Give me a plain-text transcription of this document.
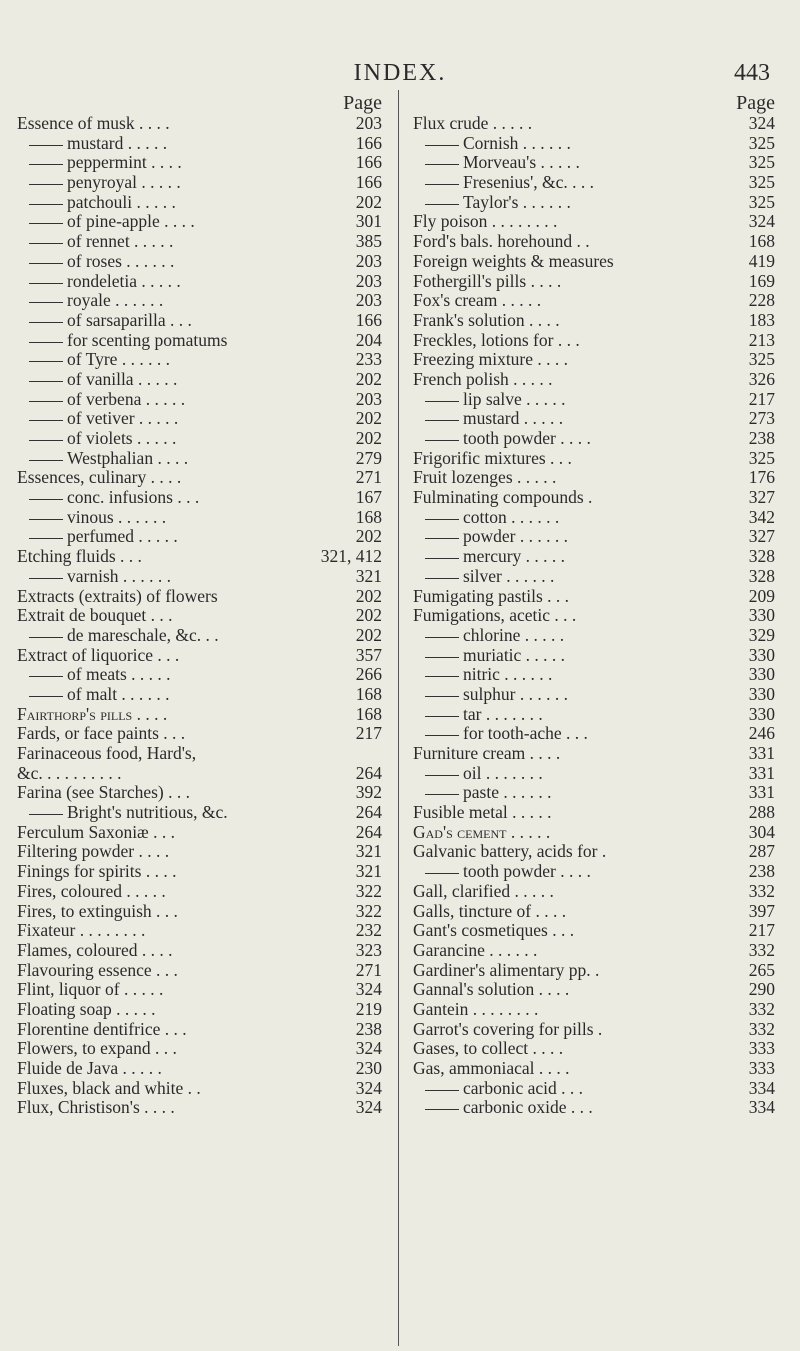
INDEX.	443
Page
Essence of musk . . . .	203
mustard . . . . .	166
peppermint . . . .	166
penyroyal . . . . .	166
patchouli . . . . .	202
of pine-apple . . . .	301
of rennet . . . . .	385
of roses . . . . . .	203
rondeletia . . . . .	203
royale . . . . . .	203
of sarsaparilla . . .	166
for scenting pomatums	204
of Tyre . . . . . .	233
of vanilla . . . . .	202
of verbena . . . . .	203
of vetiver . . . . .	202
of violets . . . . .	202
Westphalian . . . .	279
Essences, culinary . . . .	271
conc. infusions . . .	167
vinous . . . . . .	168
perfumed . . . . .	202
Etching fluids . . .	321, 412
varnish . . . . . .	321
Extracts (extraits) of flowers	202
Extrait de bouquet . . .	202
de mareschale, &c. . .	202
Extract of liquorice . . .	357
of meats . . . . .	266
of malt . . . . . .	168
Fairthorp's pills . . . .	168
Fards, or face paints . . .	217
Farinaceous food, Hard's,
&c. . . . . . . . . .	264
Farina (see Starches) . . .	392
Bright's nutritious, &c.	264
Ferculum Saxoniæ . . .	264
Filtering powder . . . .	321
Finings for spirits . . . .	321
Fires, coloured . . . . .	322
Fires, to extinguish . . .	322
Fixateur . . . . . . . .	232
Flames, coloured . . . .	323
Flavouring essence . . .	271
Flint, liquor of . . . . .	324
Floating soap . . . . .	219
Florentine dentifrice . . .	238
Flowers, to expand . . .	324
Fluide de Java . . . . .	230
Fluxes, black and white . .	324
Flux, Christison's . . . .	324
Page
Flux crude . . . . .	324
Cornish . . . . . .	325
Morveau's . . . . .	325
Fresenius', &c. . . .	325
Taylor's . . . . . .	325
Fly poison . . . . . . . .	324
Ford's bals. horehound . .	168
Foreign weights & measures	419
Fothergill's pills . . . .	169
Fox's cream . . . . .	228
Frank's solution . . . .	183
Freckles, lotions for . . .	213
Freezing mixture . . . .	325
French polish . . . . .	326
lip salve . . . . .	217
mustard . . . . .	273
tooth powder . . . .	238
Frigorific mixtures . . .	325
Fruit lozenges . . . . .	176
Fulminating compounds .	327
cotton . . . . . .	342
powder . . . . . .	327
mercury . . . . .	328
silver . . . . . .	328
Fumigating pastils . . .	209
Fumigations, acetic . . .	330
chlorine . . . . .	329
muriatic . . . . .	330
nitric . . . . . .	330
sulphur . . . . . .	330
tar . . . . . . .	330
for tooth-ache . . .	246
Furniture cream . . . .	331
oil . . . . . . .	331
paste . . . . . .	331
Fusible metal . . . . .	288
Gad's cement . . . . .	304
Galvanic battery, acids for .	287
tooth powder . . . .	238
Gall, clarified . . . . .	332
Galls, tincture of . . . .	397
Gant's cosmetiques . . .	217
Garancine . . . . . .	332
Gardiner's alimentary pp. .	265
Gannal's solution . . . .	290
Gantein . . . . . . . .	332
Garrot's covering for pills .	332
Gases, to collect . . . .	333
Gas, ammoniacal . . . .	333
carbonic acid . . .	334
carbonic oxide . . .	334
